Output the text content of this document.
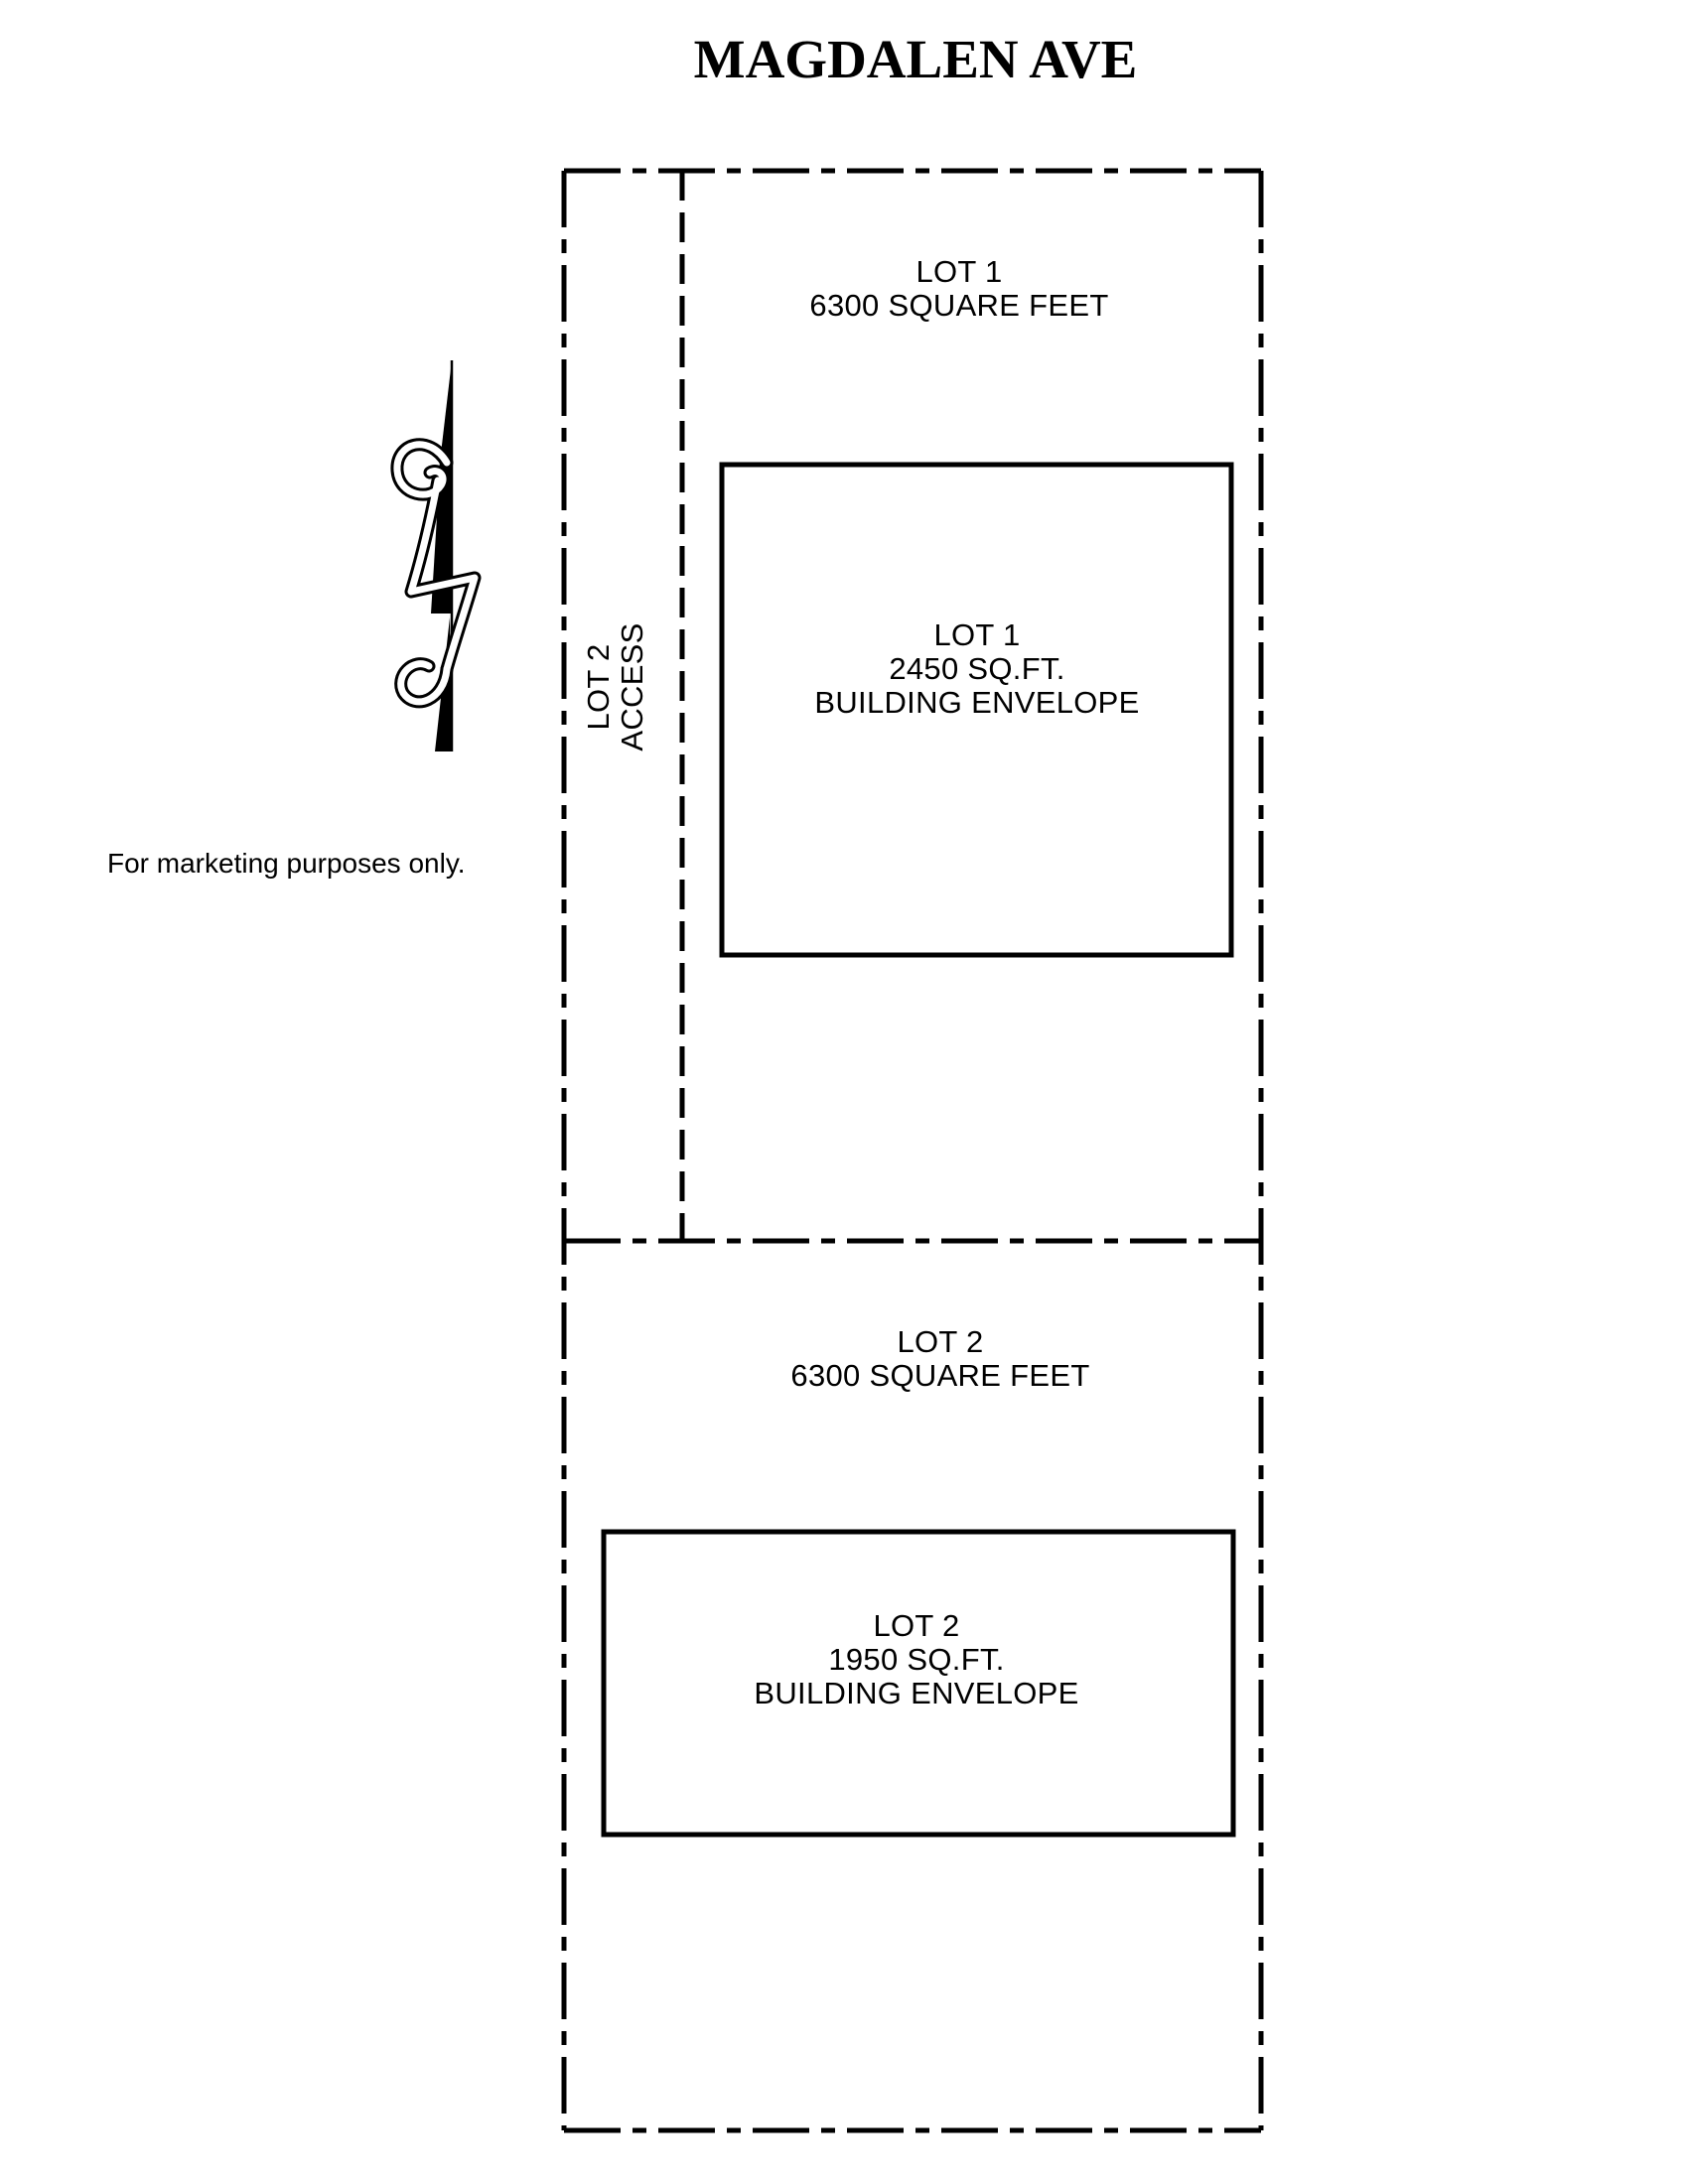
MAGDALEN AVE
LOT 1
6300 SQUARE FEET
LOT 1
2450 SQ.FT.
BUILDING ENVELOPE
LOT 2
6300 SQUARE FEET
LOT 2
1950 SQ.FT.
BUILDING ENVELOPE
LOT 2 ACCESS
For marketing purposes only.
